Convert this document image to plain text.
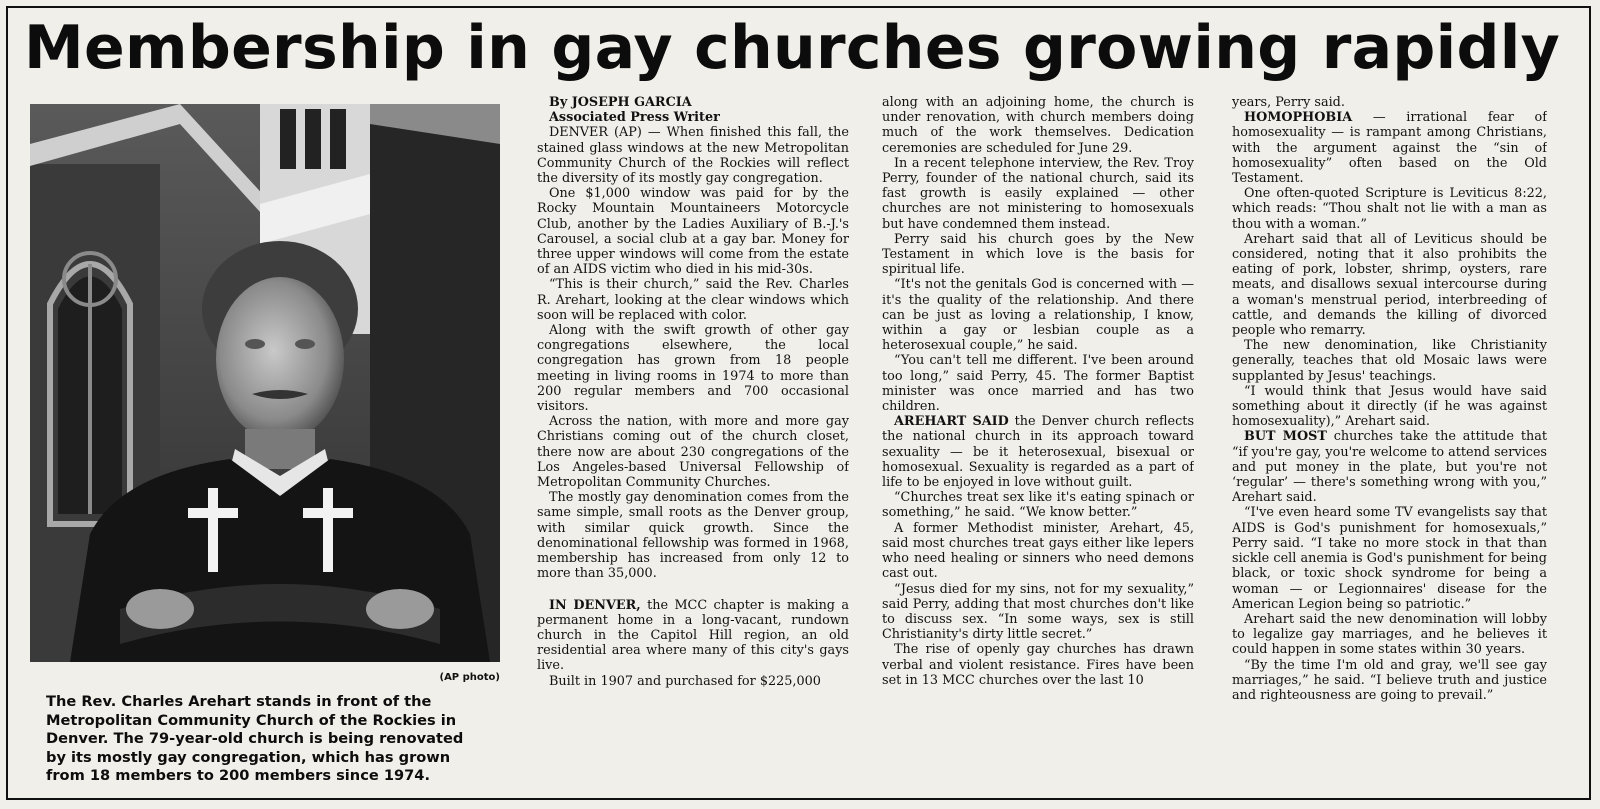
Membership in gay churches growing rapidly
(AP photo)

The Rev. Charles Arehart stands in front of the Metropolitan Community Church of the Rockies in Denver. The 79-year-old church is being renovated by its mostly gay congregation, which has grown from 18 members to 200 members since 1974.

By JOSEPH GARCIA

Associated Press Writer

DENVER (AP) — When finished this fall, the stained glass windows at the new Metropolitan Community Church of the Rockies will reflect the diversity of its mostly gay congregation.

One $1,000 window was paid for by the Rocky Mountain Mountaineers Motorcycle Club, another by the Ladies Auxiliary of B.-J.'s Carousel, a social club at a gay bar. Money for three upper windows will come from the estate of an AIDS victim who died in his mid-30s.

“This is their church,” said the Rev. Charles R. Arehart, looking at the clear windows which soon will be replaced with color.

Along with the swift growth of other gay congregations elsewhere, the local congregation has grown from 18 people meeting in living rooms in 1974 to more than 200 regular members and 700 occasional visitors.

Across the nation, with more and more gay Christians coming out of the church closet, there now are about 230 congregations of the Los Angeles-based Universal Fellowship of Metropolitan Community Churches.

The mostly gay denomination comes from the same simple, small roots as the Denver group, with similar quick growth. Since the denominational fellowship was formed in 1968, membership has increased from only 12 to more than 35,000.

IN DENVER, the MCC chapter is making a permanent home in a long-vacant, rundown church in the Capitol Hill region, an old residential area where many of this city's gays live.

Built in 1907 and purchased for $225,000

along with an adjoining home, the church is under renovation, with church members doing much of the work themselves. Dedication ceremonies are scheduled for June 29.

In a recent telephone interview, the Rev. Troy Perry, founder of the national church, said its fast growth is easily explained — other churches are not ministering to homosexuals but have condemned them instead.

Perry said his church goes by the New Testament in which love is the basis for spiritual life.

“It's not the genitals God is concerned with — it's the quality of the relationship. And there can be just as loving a relationship, I know, within a gay or lesbian couple as a heterosexual couple,” he said.

“You can't tell me different. I've been around too long,” said Perry, 45. The former Baptist minister was once married and has two children.

AREHART SAID the Denver church reflects the national church in its approach toward sexuality — be it heterosexual, bisexual or homosexual. Sexuality is regarded as a part of life to be enjoyed in love without guilt.

“Churches treat sex like it's eating spinach or something,” he said. “We know better.”

A former Methodist minister, Arehart, 45, said most churches treat gays either like lepers who need healing or sinners who need demons cast out.

“Jesus died for my sins, not for my sexuality,” said Perry, adding that most churches don't like to discuss sex. “In some ways, sex is still Christianity's dirty little secret.”

The rise of openly gay churches has drawn verbal and violent resistance. Fires have been set in 13 MCC churches over the last 10

years, Perry said.

HOMOPHOBIA — irrational fear of homosexuality — is rampant among Christians, with the argument against the “sin of homosexuality” often based on the Old Testament.

One often-quoted Scripture is Leviticus 8:22, which reads: “Thou shalt not lie with a man as thou with a woman.”

Arehart said that all of Leviticus should be considered, noting that it also prohibits the eating of pork, lobster, shrimp, oysters, rare meats, and disallows sexual intercourse during a woman's menstrual period, interbreeding of cattle, and demands the killing of divorced people who remarry.

The new denomination, like Christianity generally, teaches that old Mosaic laws were supplanted by Jesus' teachings.

“I would think that Jesus would have said something about it directly (if he was against homosexuality),” Arehart said.

BUT MOST churches take the attitude that “if you're gay, you're welcome to attend services and put money in the plate, but you're not ‘regular’ — there's something wrong with you,” Arehart said.

“I've even heard some TV evangelists say that AIDS is God's punishment for homosexuals,” Perry said. “I take no more stock in that than sickle cell anemia is God's punishment for being black, or toxic shock syndrome for being a woman — or Legionnaires' disease for the American Legion being so patriotic.”

Arehart said the new denomination will lobby to legalize gay marriages, and he believes it could happen in some states within 30 years.

“By the time I'm old and gray, we'll see gay marriages,” he said. “I believe truth and justice and righteousness are going to prevail.”
